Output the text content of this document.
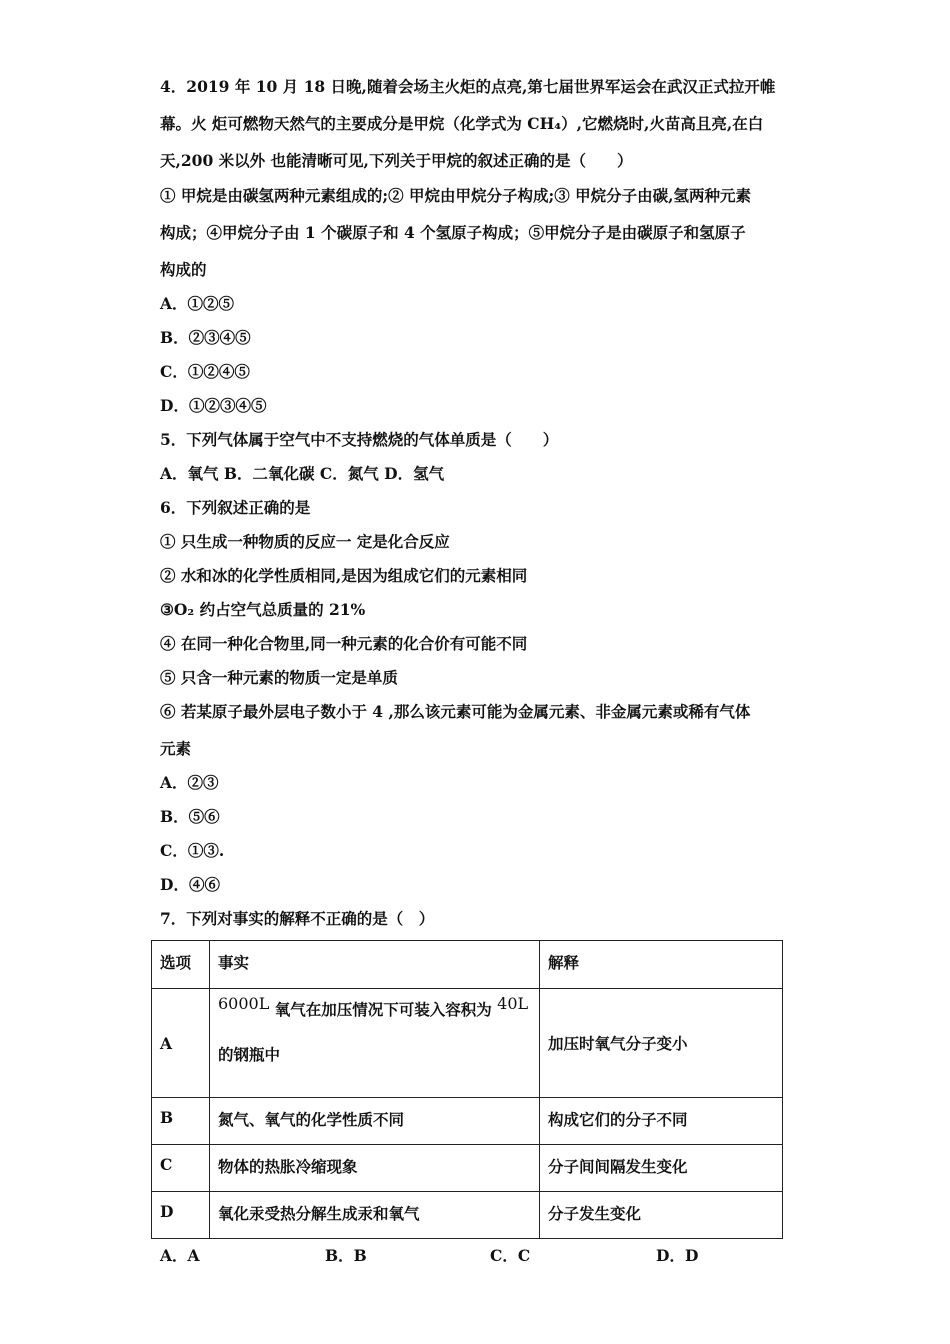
4．2019 年 10 月 18 日晚,随着会场主火炬的点亮,第七届世界军运会在武汉正式拉开帷
幕。火 炬可燃物天然气的主要成分是甲烷（化学式为 CH₄）,它燃烧时,火苗高且亮,在白
天,200 米以外 也能清晰可见,下列关于甲烷的叙述正确的是（　　）
① 甲烷是由碳氢两种元素组成的;② 甲烷由甲烷分子构成;③ 甲烷分子由碳,氢两种元素
构成；④甲烷分子由 1 个碳原子和 4 个氢原子构成；⑤甲烷分子是由碳原子和氢原子
构成的
A．①②⑤
B．②③④⑤
C．①②④⑤
D．①②③④⑤
5．下列气体属于空气中不支持燃烧的气体单质是（　　）
A．氧气 B．二氧化碳 C．氮气 D．氢气
6．下列叙述正确的是
① 只生成一种物质的反应一 定是化合反应
② 水和冰的化学性质相同,是因为组成它们的元素相同
③O₂ 约占空气总质量的 21%
④ 在同一种化合物里,同一种元素的化合价有可能不同
⑤ 只含一种元素的物质一定是单质
⑥ 若某原子最外层电子数小于 4 ,那么该元素可能为金属元素、非金属元素或稀有气体
元素
A．②③
B．⑤⑥
C．①③.
D．④⑥
7．下列对事实的解释不正确的是（　）
选项	事实	解释
A	6000L 氧气在加压情况下可装入容积为 40L
的钢瓶中	加压时氧气分子变小
B	氮气、氧气的化学性质不同	构成它们的分子不同
C	物体的热胀冷缩现象	分子间间隔发生变化
D	氧化汞受热分解生成汞和氧气	分子发生变化
A．A	B．B	C．C	D．D
